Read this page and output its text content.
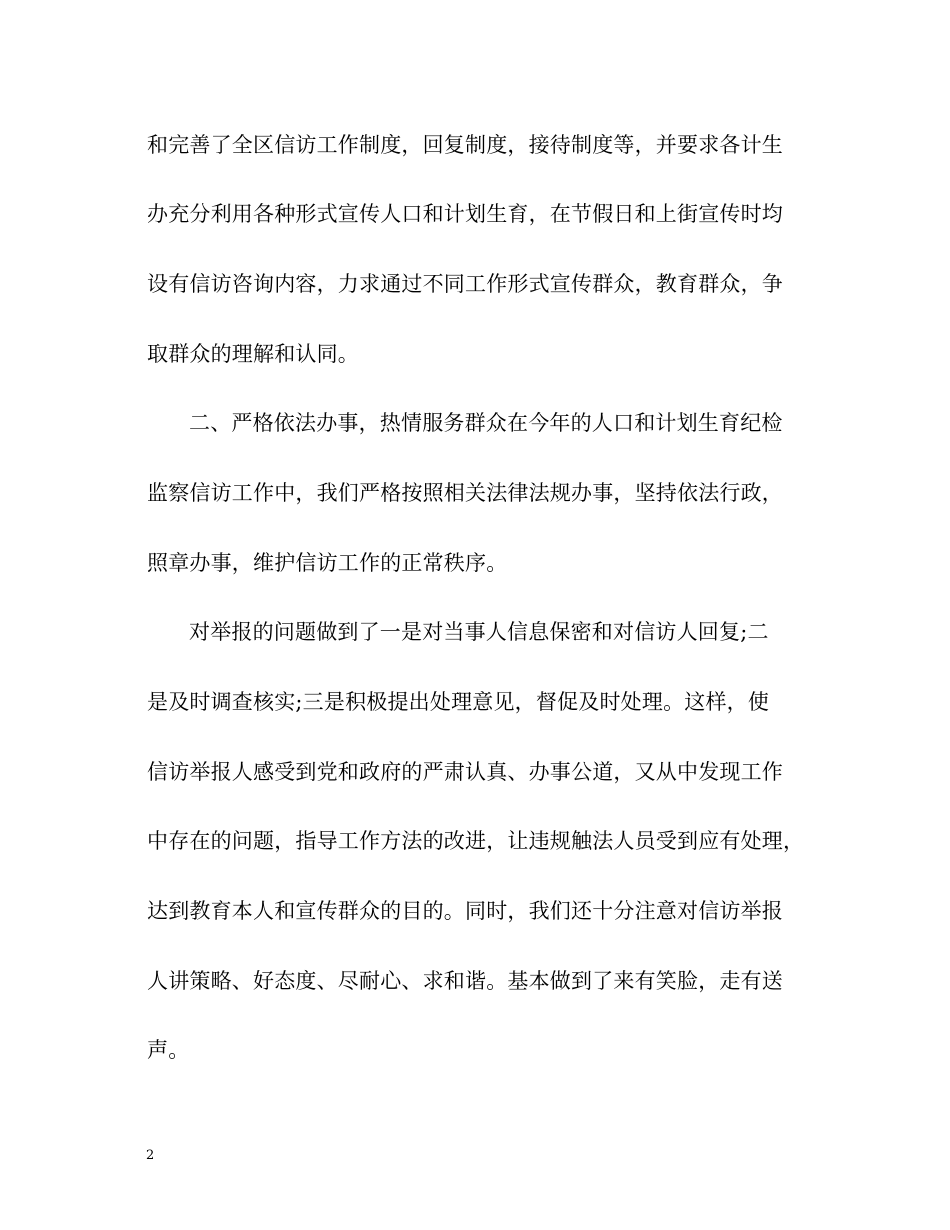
和完善了全区信访工作制度，回复制度，接待制度等，并要求各计生
办充分利用各种形式宣传人口和计划生育，在节假日和上街宣传时均
设有信访咨询内容，力求通过不同工作形式宣传群众，教育群众，争
取群众的理解和认同。
二、严格依法办事，热情服务群众在今年的人口和计划生育纪检
监察信访工作中，我们严格按照相关法律法规办事，坚持依法行政，
照章办事，维护信访工作的正常秩序。
对举报的问题做到了一是对当事人信息保密和对信访人回复;二
是及时调查核实;三是积极提出处理意见，督促及时处理。这样，使
信访举报人感受到党和政府的严肃认真、办事公道，又从中发现工作
中存在的问题，指导工作方法的改进，让违规触法人员受到应有处理，
达到教育本人和宣传群众的目的。同时，我们还十分注意对信访举报
人讲策略、好态度、尽耐心、求和谐。基本做到了来有笑脸，走有送
声。
2
